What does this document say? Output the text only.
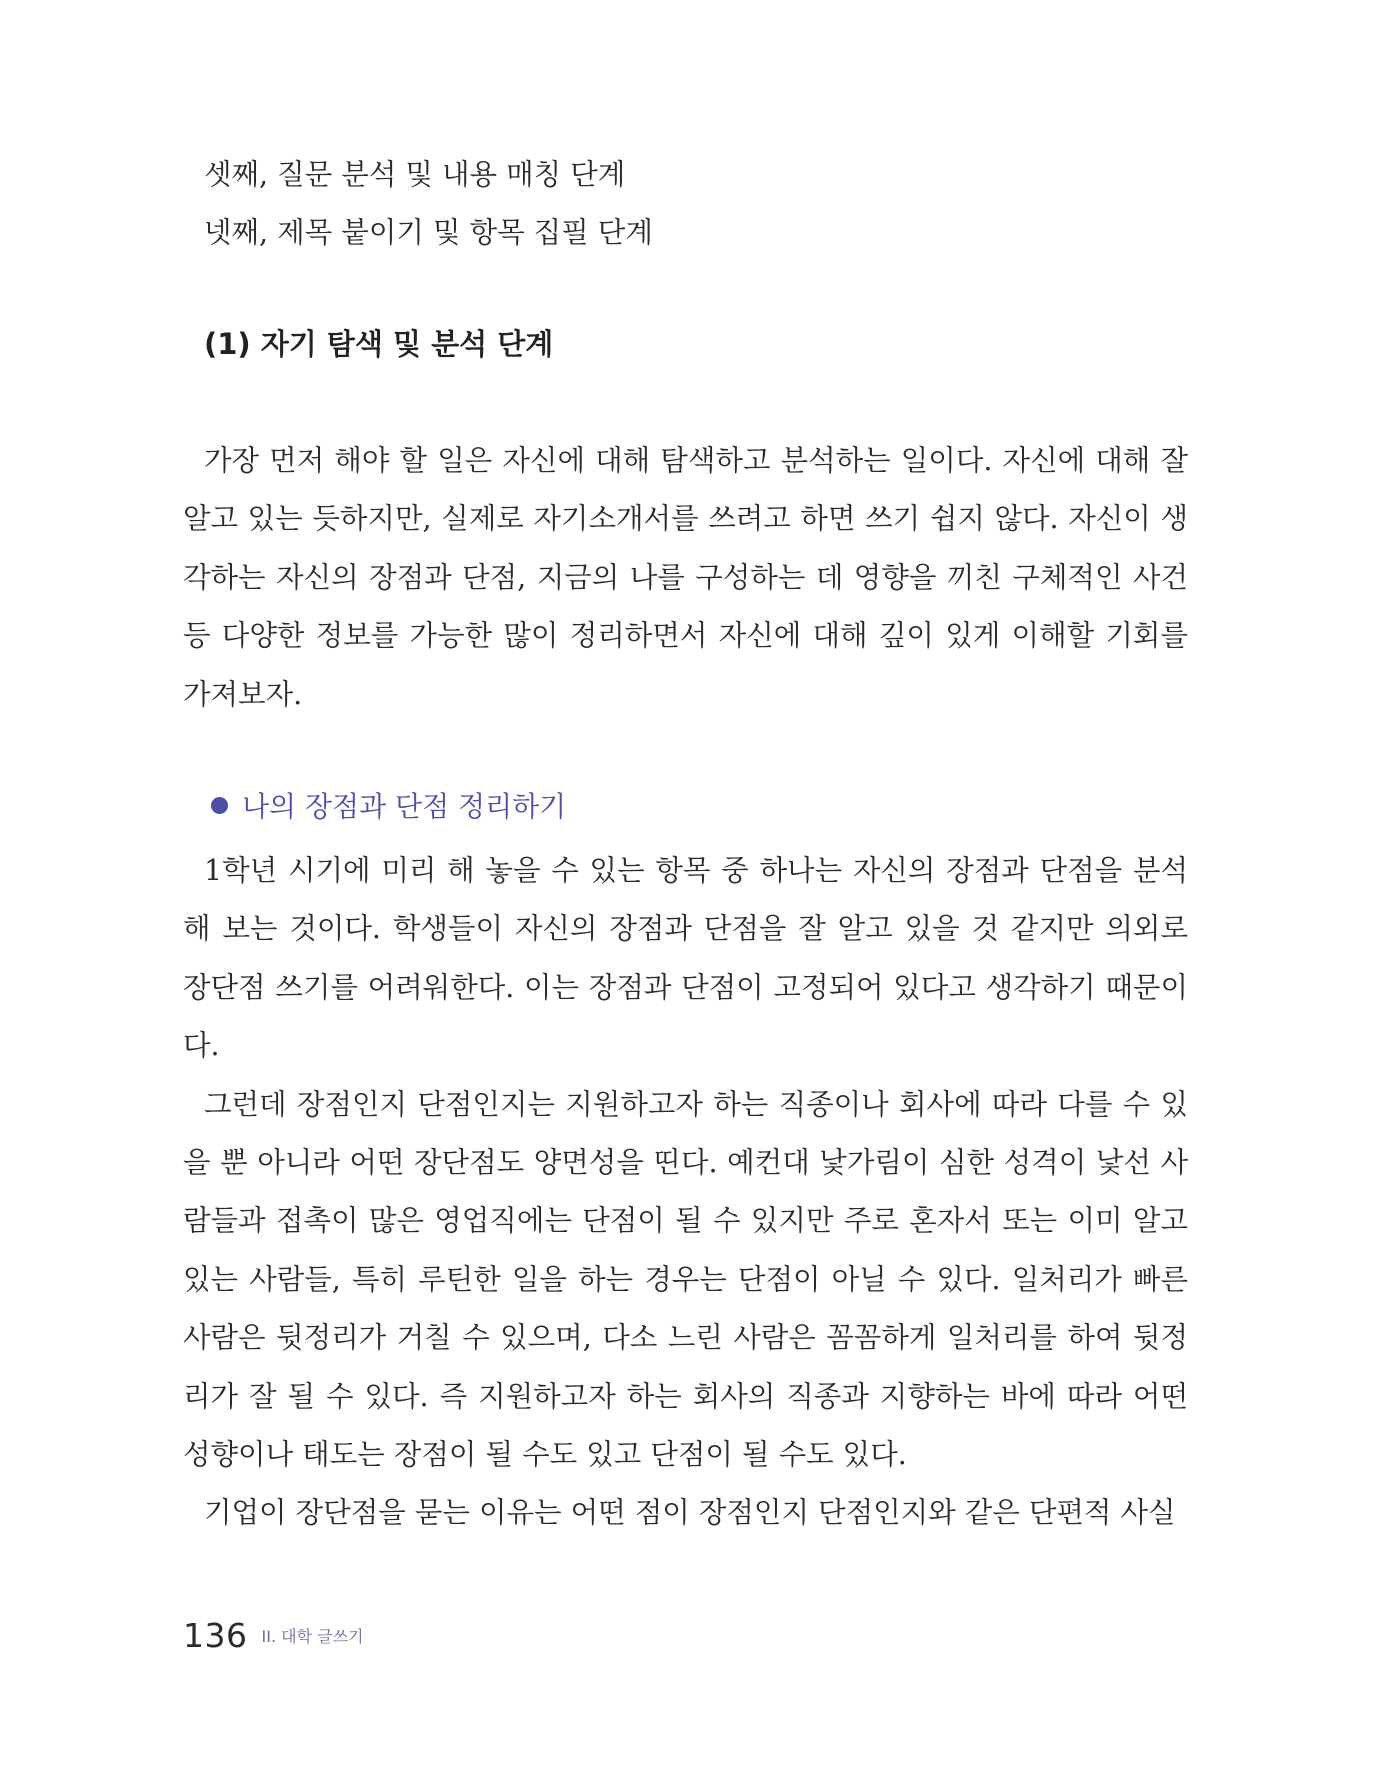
셋째, 질문 분석 및 내용 매칭 단계
넷째, 제목 붙이기 및 항목 집필 단계
(1) 자기 탐색 및 분석 단계

가장 먼저 해야 할 일은 자신에 대해 탐색하고 분석하는 일이다. 자신에 대해 잘 알고 있는 듯하지만, 실제로 자기소개서를 쓰려고 하면 쓰기 쉽지 않다. 자신이 생각하는 자신의 장점과 단점, 지금의 나를 구성하는 데 영향을 끼친 구체적인 사건 등 다양한 정보를 가능한 많이 정리하면서 자신에 대해 깊이 있게 이해할 기회를 가져보자.

나의 장점과 단점 정리하기

1학년 시기에 미리 해 놓을 수 있는 항목 중 하나는 자신의 장점과 단점을 분석해 보는 것이다. 학생들이 자신의 장점과 단점을 잘 알고 있을 것 같지만 의외로 장단점 쓰기를 어려워한다. 이는 장점과 단점이 고정되어 있다고 생각하기 때문이다.

그런데 장점인지 단점인지는 지원하고자 하는 직종이나 회사에 따라 다를 수 있을 뿐 아니라 어떤 장단점도 양면성을 띤다. 예컨대 낯가림이 심한 성격이 낯선 사람들과 접촉이 많은 영업직에는 단점이 될 수 있지만 주로 혼자서 또는 이미 알고 있는 사람들, 특히 루틴한 일을 하는 경우는 단점이 아닐 수 있다. 일처리가 빠른 사람은 뒷정리가 거칠 수 있으며, 다소 느린 사람은 꼼꼼하게 일처리를 하여 뒷정리가 잘 될 수 있다. 즉 지원하고자 하는 회사의 직종과 지향하는 바에 따라 어떤 성향이나 태도는 장점이 될 수도 있고 단점이 될 수도 있다.

기업이 장단점을 묻는 이유는 어떤 점이 장점인지 단점인지와 같은 단편적 사실

136 II. 대학 글쓰기
